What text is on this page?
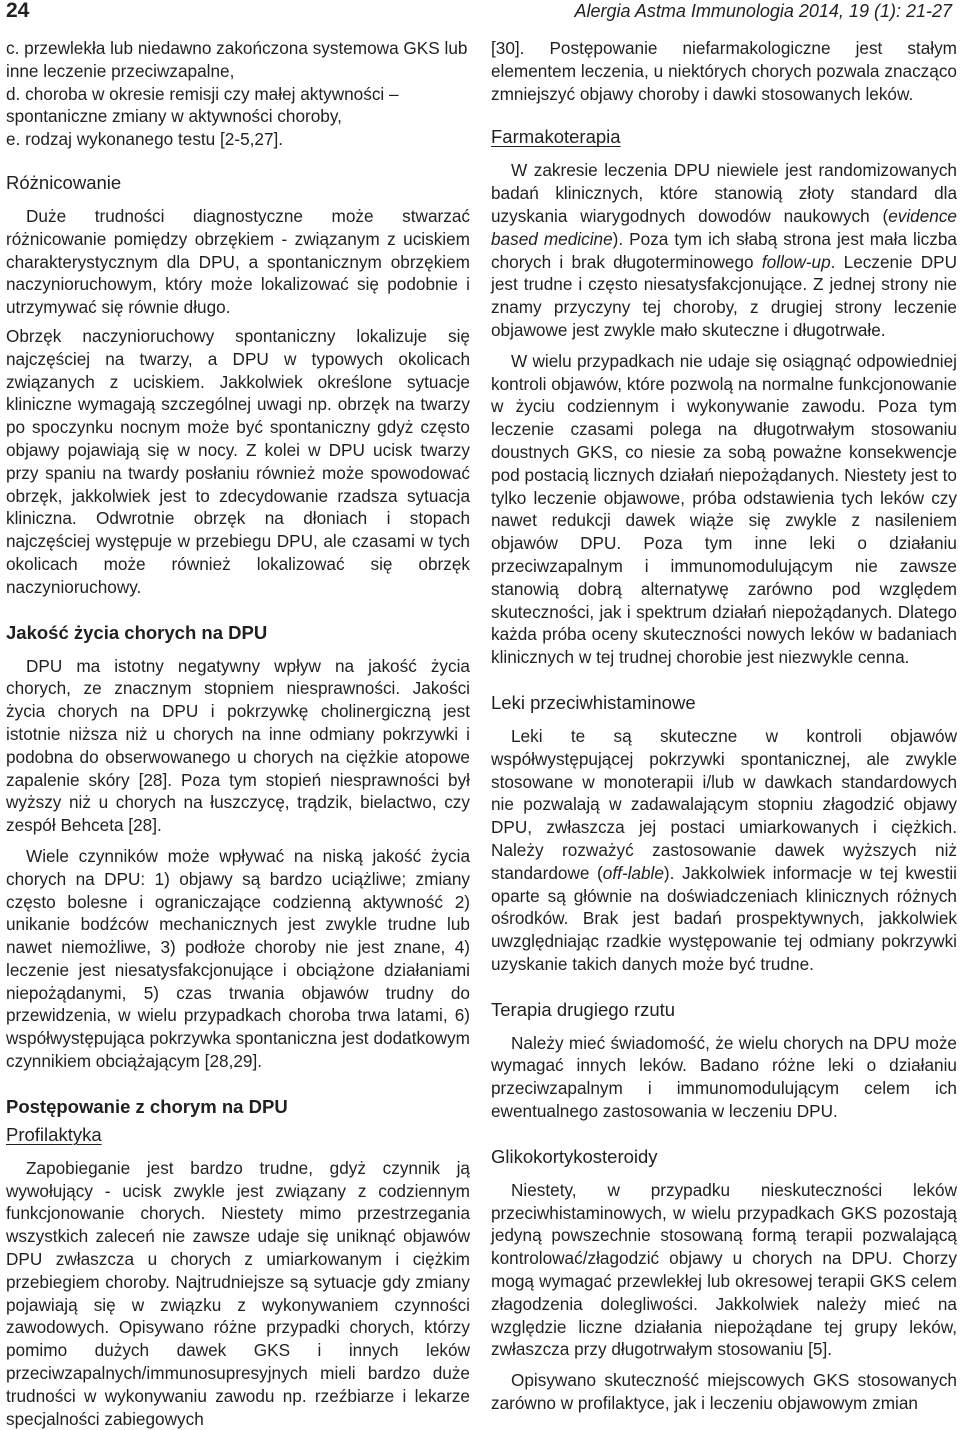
24	Alergia Astma Immunologia 2014, 19 (1): 21-27

c. przewlekła lub niedawno zakończona systemowa GKS lub inne leczenie przeciwzapalne,

d. choroba w okresie remisji czy małej aktywności – spontaniczne zmiany w aktywności choroby,

e. rodzaj wykonanego testu [2-5,27].

Różnicowanie

Duże trudności diagnostyczne może stwarzać różnicowanie pomiędzy obrzękiem - związanym z uciskiem charakterystycznym dla DPU, a spontanicznym obrzękiem naczynioruchowym, który może lokalizować się podobnie i utrzymywać się równie długo.

Obrzęk naczynioruchowy spontaniczny lokalizuje się najczęściej na twarzy, a DPU w typowych okolicach związanych z uciskiem. Jakkolwiek określone sytuacje kliniczne wymagają szczególnej uwagi np. obrzęk na twarzy po spoczynku nocnym może być spontaniczny gdyż często objawy pojawiają się w nocy. Z kolei w DPU ucisk twarzy przy spaniu na twardy posłaniu również może spowodować obrzęk, jakkolwiek jest to zdecydowanie rzadsza sytuacja kliniczna. Odwrotnie obrzęk na dłoniach i stopach najczęściej występuje w przebiegu DPU, ale czasami w tych okolicach może również lokalizować się obrzęk naczynioruchowy.

Jakość życia chorych na DPU

DPU ma istotny negatywny wpływ na jakość życia chorych, ze znacznym stopniem niesprawności. Jakości życia chorych na DPU i pokrzywkę cholinergiczną jest istotnie niższa niż u chorych na inne odmiany pokrzywki i podobna do obserwowanego u chorych na ciężkie atopowe zapalenie skóry [28]. Poza tym stopień niesprawności był wyższy niż u chorych na łuszczycę, trądzik, bielactwo, czy zespół Behceta [28].

Wiele czynników może wpływać na niską jakość życia chorych na DPU: 1) objawy są bardzo uciążliwe; zmiany często bolesne i ograniczające codzienną aktywność 2) unikanie bodźców mechanicznych jest zwykle trudne lub nawet niemożliwe, 3) podłoże choroby nie jest znane, 4) leczenie jest niesatysfakcjonujące i obciążone działaniami niepożądanymi, 5) czas trwania objawów trudny do przewidzenia, w wielu przypadkach choroba trwa latami, 6) współwystępująca pokrzywka spontaniczna jest dodatkowym czynnikiem obciążającym [28,29].

Postępowanie z chorym na DPU
Profilaktyka

Zapobieganie jest bardzo trudne, gdyż czynnik ją wywołujący - ucisk zwykle jest związany z codziennym funkcjonowanie chorych. Niestety mimo przestrzegania wszystkich zaleceń nie zawsze udaje się uniknąć objawów DPU zwłaszcza u chorych z umiarkowanym i ciężkim przebiegiem choroby. Najtrudniejsze są sytuacje gdy zmiany pojawiają się w związku z wykonywaniem czynności zawodowych. Opisywano różne przypadki chorych, którzy pomimo dużych dawek GKS i innych leków przeciwzapalnych/immunosupresyjnych mieli bardzo duże trudności w wykonywaniu zawodu np. rzeźbiarze i lekarze specjalności zabiegowych

[30]. Postępowanie niefarmakologiczne jest stałym elementem leczenia, u niektórych chorych pozwala znacząco zmniejszyć objawy choroby i dawki stosowanych leków.

Farmakoterapia

W zakresie leczenia DPU niewiele jest randomizowanych badań klinicznych, które stanowią złoty standard dla uzyskania wiarygodnych dowodów naukowych (evidence based medicine). Poza tym ich słabą strona jest mała liczba chorych i brak długoterminowego follow-up. Leczenie DPU jest trudne i często niesatysfakcjonujące. Z jednej strony nie znamy przyczyny tej choroby, z drugiej strony leczenie objawowe jest zwykle mało skuteczne i długotrwałe.

W wielu przypadkach nie udaje się osiągnąć odpowiedniej kontroli objawów, które pozwolą na normalne funkcjonowanie w życiu codziennym i wykonywanie zawodu. Poza tym leczenie czasami polega na długotrwałym stosowaniu doustnych GKS, co niesie za sobą poważne konsekwencje pod postacią licznych działań niepożądanych. Niestety jest to tylko leczenie objawowe, próba odstawienia tych leków czy nawet redukcji dawek wiąże się zwykle z nasileniem objawów DPU. Poza tym inne leki o działaniu przeciwzapalnym i immunomodulującym nie zawsze stanowią dobrą alternatywę zarówno pod względem skuteczności, jak i spektrum działań niepożądanych. Dlatego każda próba oceny skuteczności nowych leków w badaniach klinicznych w tej trudnej chorobie jest niezwykle cenna.

Leki przeciwhistaminowe

Leki te są skuteczne w kontroli objawów współwystępującej pokrzywki spontanicznej, ale zwykle stosowane w monoterapii i/lub w dawkach standardowych nie pozwalają w zadawalającym stopniu złagodzić objawy DPU, zwłaszcza jej postaci umiarkowanych i ciężkich. Należy rozważyć zastosowanie dawek wyższych niż standardowe (off-lable). Jakkolwiek informacje w tej kwestii oparte są głównie na doświadczeniach klinicznych różnych ośrodków. Brak jest badań prospektywnych, jakkolwiek uwzględniając rzadkie występowanie tej odmiany pokrzywki uzyskanie takich danych może być trudne.

Terapia drugiego rzutu

Należy mieć świadomość, że wielu chorych na DPU może wymagać innych leków. Badano różne leki o działaniu przeciwzapalnym i immunomodulującym celem ich ewentualnego zastosowania w leczeniu DPU.

Glikokortykosteroidy

Niestety, w przypadku nieskuteczności leków przeciwhistaminowych, w wielu przypadkach GKS pozostają jedyną powszechnie stosowaną formą terapii pozwalającą kontrolować/złagodzić objawy u chorych na DPU. Chorzy mogą wymagać przewlekłej lub okresowej terapii GKS celem złagodzenia dolegliwości. Jakkolwiek należy mieć na względzie liczne działania niepożądane tej grupy leków, zwłaszcza przy długotrwałym stosowaniu [5].

Opisywano skuteczność miejscowych GKS stosowanych zarówno w profilaktyce, jak i leczeniu objawowym zmian
